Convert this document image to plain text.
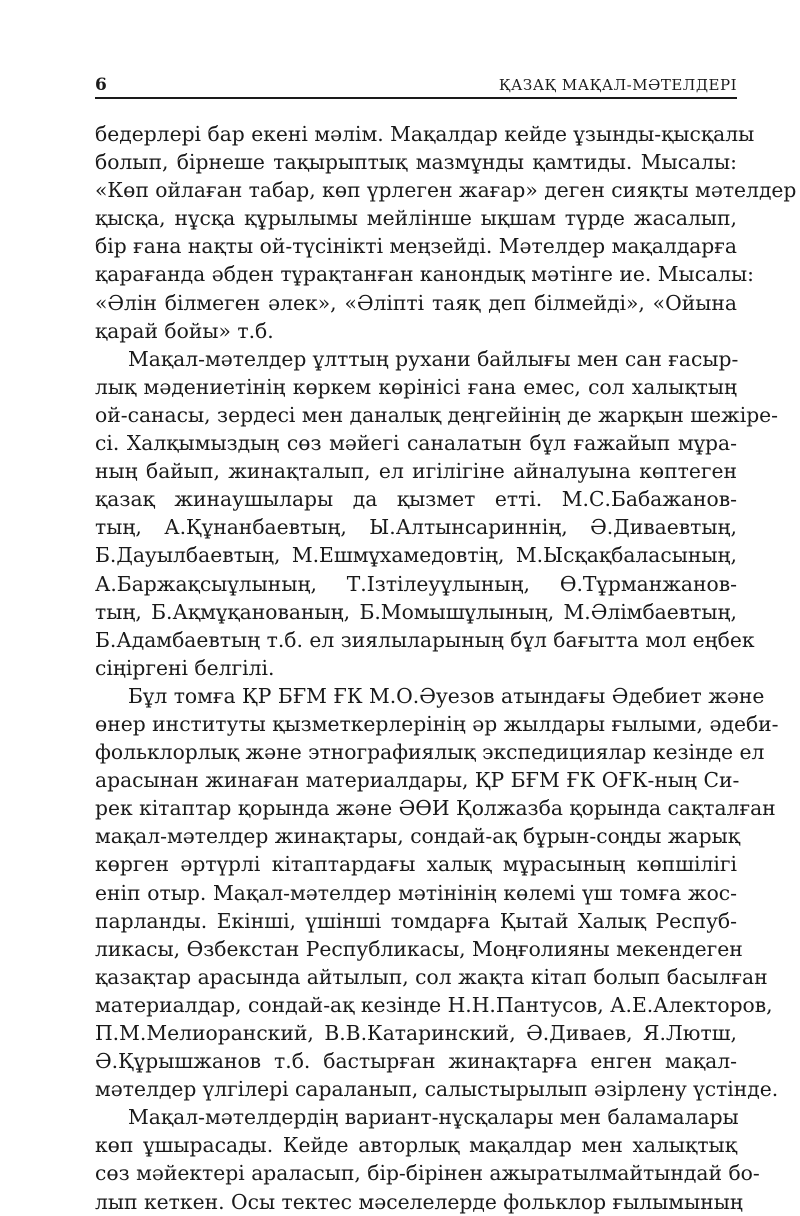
6	ҚАЗАҚ МАҚАЛ-МӘТЕЛДЕРІ
бедерлері бар екені мәлім. Мақалдар кейде ұзынды-қысқалы
болып, бірнеше тақырыптық мазмұнды қамтиды. Мысалы:
«Көп ойлаған табар, көп үрлеген жағар» деген сияқты мәтелдер
қысқа, нұсқа құрылымы мейлінше ықшам түрде жасалып,
бір ғана нақты ой-түсінікті меңзейді. Мәтелдер мақалдарға
қарағанда әбден тұрақтанған канондық мәтінге ие. Мысалы:
«Әлін білмеген әлек», «Әліпті таяқ деп білмейді», «Ойына
қарай бойы» т.б.
Мақал-мәтелдер ұлттың рухани байлығы мен сан ғасыр-
лық мәдениетінің көркем көрінісі ғана емес, сол халықтың
ой-санасы, зердесі мен даналық деңгейінің де жарқын шежіре-
сі. Халқымыздың сөз мәйегі саналатын бұл ғажайып мұра-
ның байып, жинақталып, ел игілігіне айналуына көптеген
қазақ жинаушылары да қызмет етті. М.С.Бабажанов-
тың, А.Құнанбаевтың, Ы.Алтынсариннің, Ә.Диваевтың,
Б.Дауылбаевтың, М.Ешмұхамедовтің, М.Ысқақбаласының,
А.Баржақсыұлының, Т.Ізтілеуұлының, Ө.Тұрманжанов-
тың, Б.Ақмұқанованың, Б.Момышұлының, М.Әлімбаевтың,
Б.Адамбаевтың т.б. ел зиялыларының бұл бағытта мол еңбек
сіңіргені белгілі.
Бұл томға ҚР БҒМ ҒК М.О.Әуезов атындағы Әдебиет және
өнер институты қызметкерлерінің әр жылдары ғылыми, әдеби-
фольклорлық және этнографиялық экспедициялар кезінде ел
арасынан жинаған материалдары, ҚР БҒМ ҒК ОҒК-ның Си-
рек кітаптар қорында және ӘӨИ Қолжазба қорында сақталған
мақал-мәтелдер жинақтары, сондай-ақ бұрын-соңды жарық
көрген әртүрлі кітаптардағы халық мұрасының көпшілігі
еніп отыр. Мақал-мәтелдер мәтінінің көлемі үш томға жос-
парланды. Екінші, үшінші томдарға Қытай Халық Респуб-
ликасы, Өзбекстан Республикасы, Моңғолияны мекендеген
қазақтар арасында айтылып, сол жақта кітап болып басылған
материалдар, сондай-ақ кезінде Н.Н.Пантусов, А.Е.Алекторов,
П.М.Мелиоранский, В.В.Катаринский, Ә.Диваев, Я.Лютш,
Ә.Құрышжанов т.б. бастырған жинақтарға енген мақал-
мәтелдер үлгілері сараланып, салыстырылып әзірлену үстінде.
Мақал-мәтелдердің вариант-нұсқалары мен баламалары
көп ұшырасады. Кейде авторлық мақалдар мен халықтық
сөз мәйектері араласып, бір-бірінен ажыратылмайтындай бо-
лып кеткен. Осы тектес мәселелерде фольклор ғылымының
